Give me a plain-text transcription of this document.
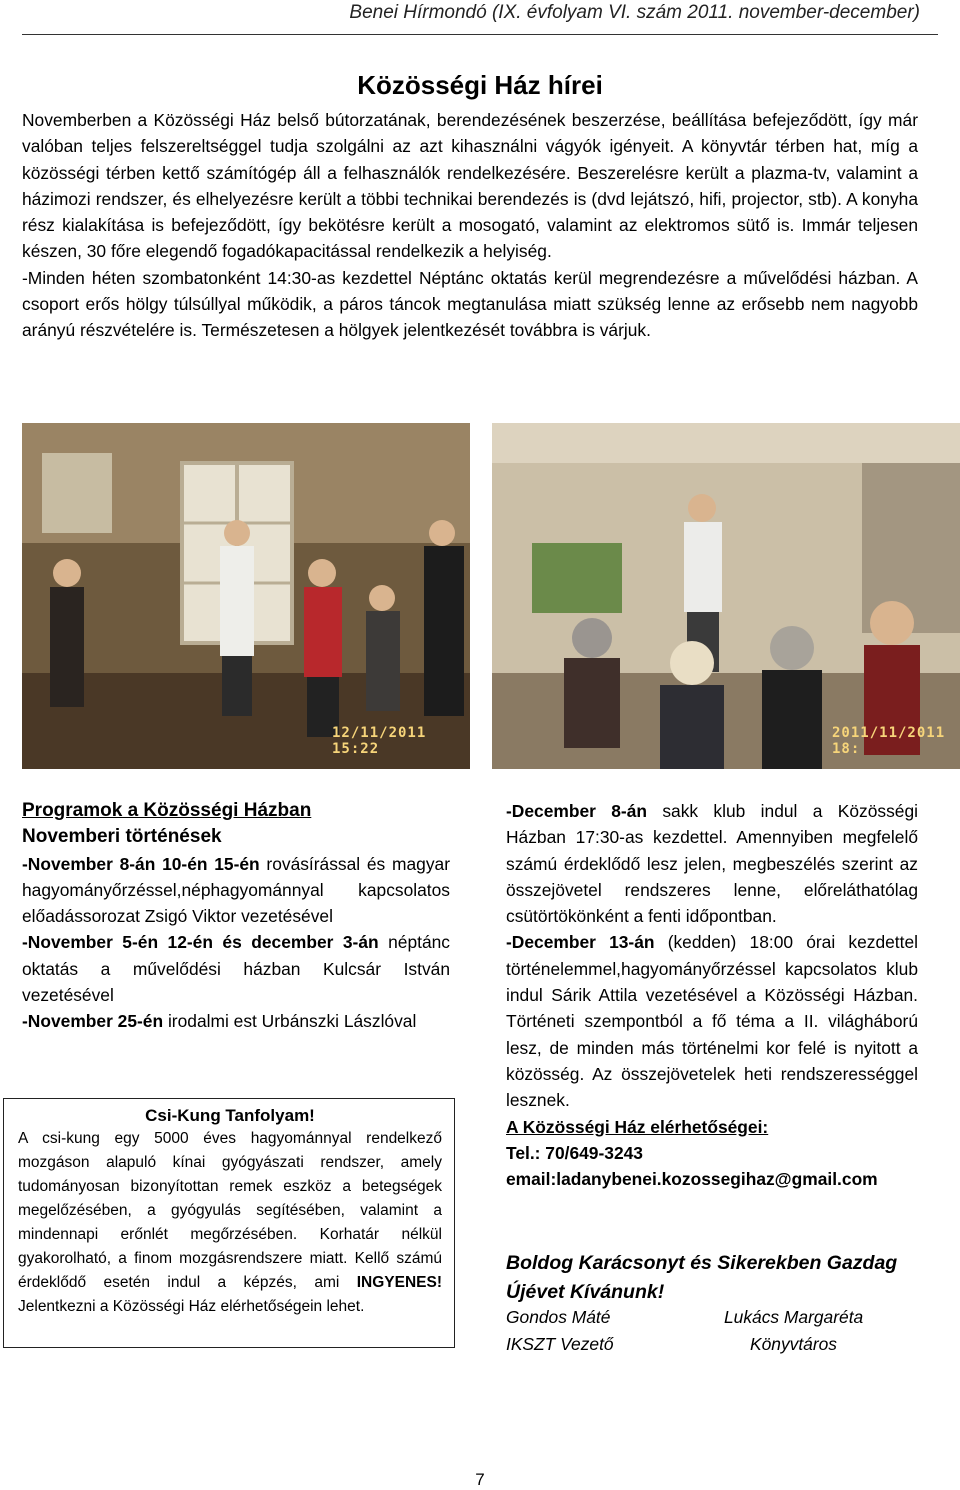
Benei Hírmondó (IX. évfolyam VI. szám 2011. november-december)
Közösségi Ház hírei

Novemberben a Közösségi Ház belső bútorzatának, berendezésének beszerzése, beállítása befejeződött, így már valóban teljes felszereltséggel tudja szolgálni az azt kihasználni vágyók igényeit. A könyvtár térben hat, míg a közösségi térben kettő számítógép áll a felhasználók rendelkezésére. Beszerelésre került a plazma-tv, valamint a házimozi rendszer, és elhelyezésre került a többi technikai berendezés is (dvd lejátszó, hifi, projector, stb). A konyha rész kialakítása is befejeződött, így bekötésre került a mosogató, valamint az elektromos sütő is. Immár teljesen készen, 30 főre elegendő fogadókapacitással rendelkezik a helyiség.

-Minden héten szombatonként 14:30-as kezdettel Néptánc oktatás kerül megrendezésre a művelődési házban. A csoport erős hölgy túlsúllyal működik, a páros táncok megtanulása miatt szükség lenne az erősebb nem nagyobb arányú részvételére is. Természetesen a hölgyek jelentkezését továbbra is várjuk.

12/11/2011 15:22
2011/11/2011 18:
Programok a Közösségi Házban
Novemberi történések

-November 8-án 10-én 15-én rovásírással és magyar hagyományőrzéssel,néphagyománnyal kapcsolatos előadássorozat Zsigó Viktor vezetésével

-November 5-én 12-én és december 3-án néptánc oktatás a művelődési házban Kulcsár István vezetésével

-November 25-én irodalmi est Urbánszki Lászlóval

Csi-Kung Tanfolyam!

A csi-kung egy 5000 éves hagyománnyal rendelkező mozgáson alapuló kínai gyógyászati rendszer, amely tudományosan bizonyítottan remek eszköz a betegségek megelőzésében, a gyógyulás segítésében, valamint a mindennapi erőnlét megőrzésében. Korhatár nélkül gyakorolható, a finom mozgásrendszere miatt. Kellő számú érdeklődő esetén indul a képzés, ami INGYENES! Jelentkezni a Közösségi Ház elérhetőségein lehet.

-December 8-án sakk klub indul a Közösségi Házban 17:30-as kezdettel. Amennyiben megfelelő számú érdeklődő lesz jelen, megbeszélés szerint az összejövetel rendszeres lenne, előreláthatólag csütörtökönként a fenti időpontban.

-December 13-án (kedden) 18:00 órai kezdettel történelemmel,hagyományőrzéssel kapcsolatos klub indul Sárik Attila vezetésével a Közösségi Házban. Történeti szempontból a fő téma a II. világháború lesz, de minden más történelmi kor felé is nyitott a közösség. Az összejövetelek heti rendszerességgel lesznek.

A Közösségi Ház elérhetőségei:
Tel.: 70/649-3243
email:ladanybenei.kozossegihaz@gmail.com
Boldog Karácsonyt és Sikerekben Gazdag Újévet Kívánunk!
Gondos Máté	Lukács Margaréta
IKSZT Vezető	Könyvtáros
7
